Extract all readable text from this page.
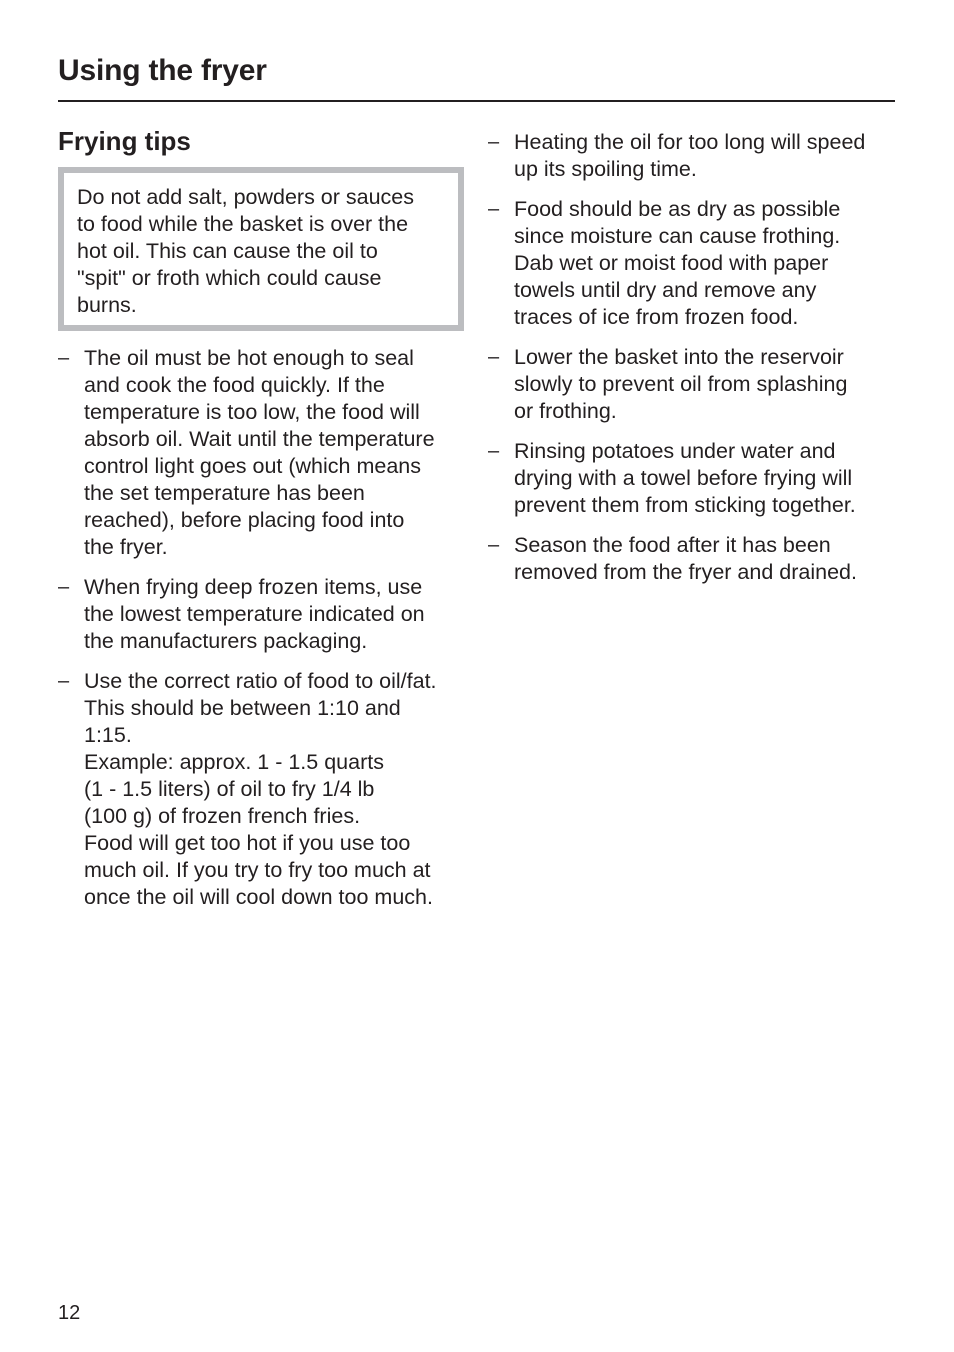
Using the fryer
Frying tips
Do not add salt, powders or sauces
to food while the basket is over the
hot oil. This can cause the oil to
"spit" or froth which could cause
burns.
– The oil must be hot enough to seal
and cook the food quickly. If the
temperature is too low, the food will
absorb oil. Wait until the temperature
control light goes out (which means
the set temperature has been
reached), before placing food into
the fryer.
– When frying deep frozen items, use
the lowest temperature indicated on
the manufacturers packaging.
– Use the correct ratio of food to oil/fat.
This should be between 1:10 and
1:15.
Example: approx. 1 - 1.5 quarts
(1 - 1.5 liters) of oil to fry 1/4 lb
(100 g) of frozen french fries.
Food will get too hot if you use too
much oil. If you try to fry too much at
once the oil will cool down too much.
– Heating the oil for too long will speed
up its spoiling time.
– Food should be as dry as possible
since moisture can cause frothing.
Dab wet or moist food with paper
towels until dry and remove any
traces of ice from frozen food.
– Lower the basket into the reservoir
slowly to prevent oil from splashing
or frothing.
– Rinsing potatoes under water and
drying with a towel before frying will
prevent them from sticking together.
– Season the food after it has been
removed from the fryer and drained.
12
